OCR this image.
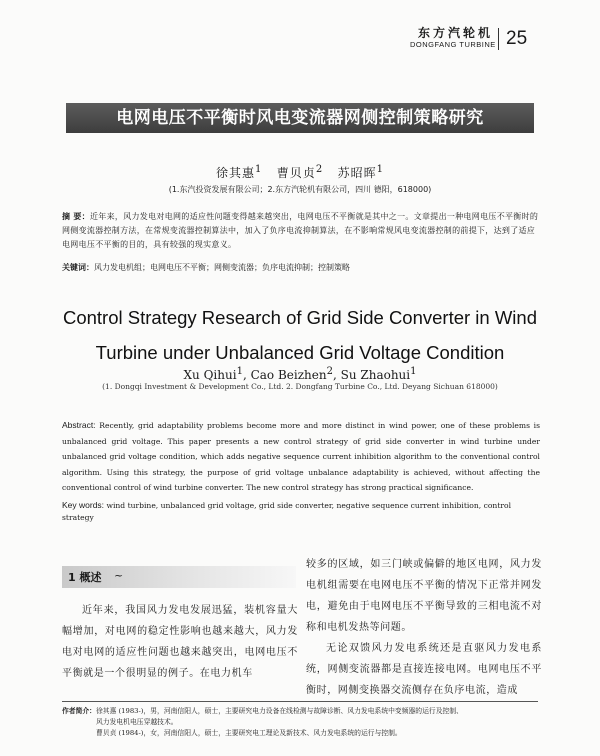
东方汽轮机
DONGFANG TURBINE 25
电网电压不平衡时风电变流器网侧控制策略研究
徐其惠$^1$ 曹贝贞$^2$ 苏昭晖$^1$
(1.东汽投资发展有限公司；2.东方汽轮机有限公司，四川 德阳，618000)
摘 要：近年来，风力发电对电网的适应性问题变得越来越突出，电网电压不平衡就是其中之一。文章提出一种电网电压不平衡时的网侧变流器控制方法，在常规变流器控制算法中，加入了负序电流抑制算法，在不影响常规风电变流器控制的前提下，达到了适应电网电压不平衡的目的，具有较强的现实意义。
关键词：风力发电机组；电网电压不平衡；网侧变流器；负序电流抑制；控制策略
Control Strategy Research of Grid Side Converter in Wind
Turbine under Unbalanced Grid Voltage Condition
Xu Qihui$^1$, Cao Beizhen$^2$, Su Zhaohui$^1$
(1. Dongqi Investment & Development Co., Ltd. 2. Dongfang Turbine Co., Ltd. Deyang Sichuan 618000)
Abstract: Recently, grid adaptability problems become more and more distinct in wind power, one of these problems is unbalanced grid voltage. This paper presents a new control strategy of grid side converter in wind turbine under unbalanced grid voltage condition, which adds negative sequence current inhibition algorithm to the conventional control algorithm. Using this strategy, the purpose of grid voltage unbalance adaptability is achieved, without affecting the conventional control of wind turbine converter. The new control strategy has strong practical significance.
Key words: wind turbine, unbalanced grid voltage, grid side converter, negative sequence current inhibition, control strategy
1 概述 ~
近年来，我国风力发电发展迅猛，装机容量大幅增加，对电网的稳定性影响也越来越大，风力发电对电网的适应性问题也越来越突出，电网电压不平衡就是一个很明显的例子。在电力机车
较多的区域，如三门峡或偏僻的地区电网，风力发电机组需要在电网电压不平衡的情况下正常并网发电，避免由于电网电压不平衡导致的三相电流不对称和电机发热等问题。
无论双馈风力发电系统还是直驱风力发电系统，网侧变流器都是直接连接电网。电网电压不平衡时，网侧变换器交流侧存在负序电流，造成
作者简介：徐其惠 (1983-)，男，河南信阳人，硕士，主要研究电力设备在线检测与故障诊断、风力发电系统中变频器的运行及控制、
风力发电机电压穿越技术。
曹贝贞 (1984-)，女，河南信阳人，硕士，主要研究电工理论及新技术、风力发电系统的运行与控制。
